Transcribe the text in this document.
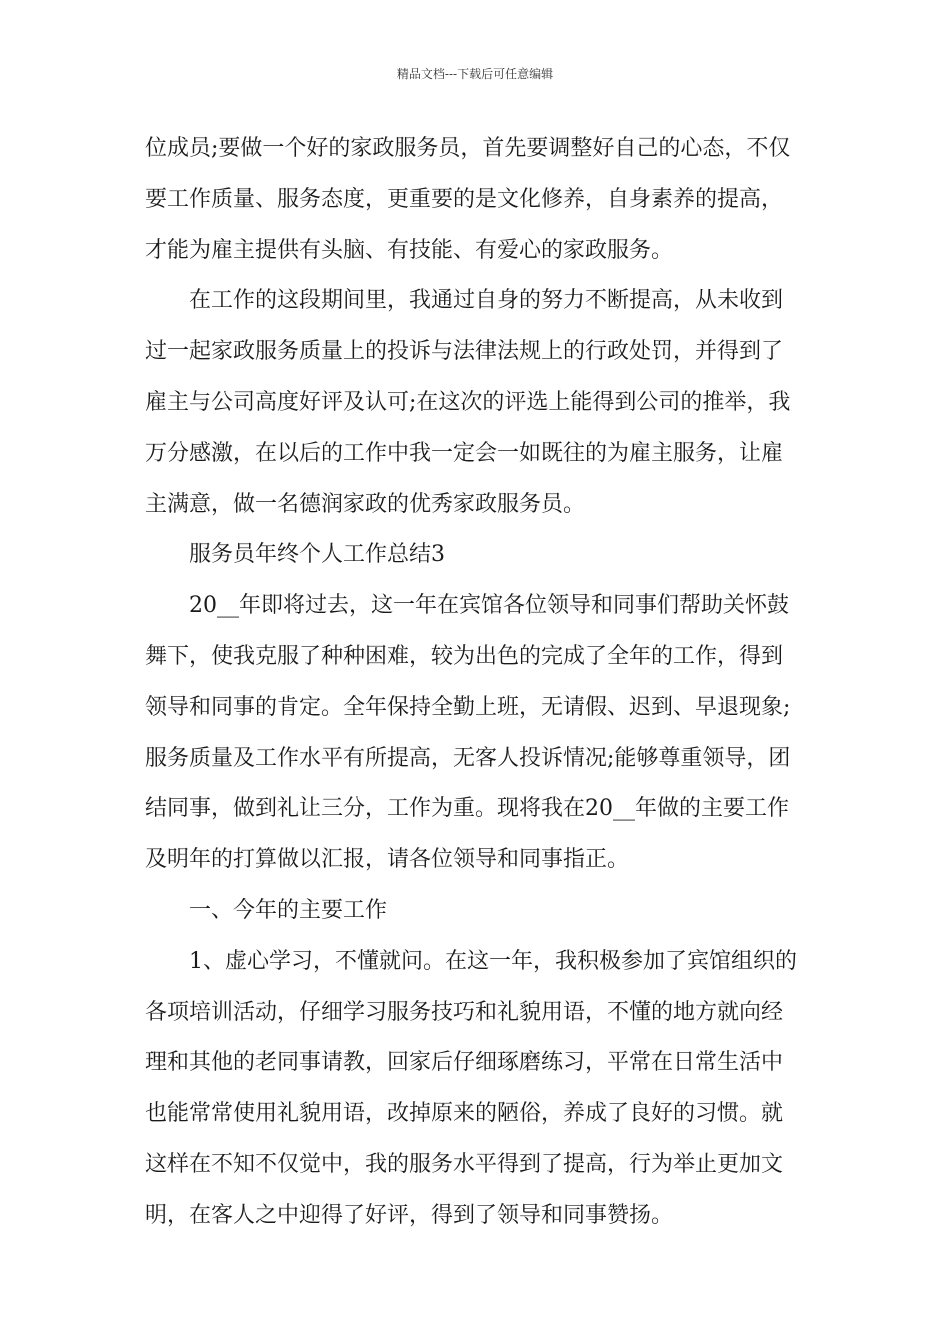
精品文档---下载后可任意编辑
位成员;要做一个好的家政服务员，首先要调整好自己的心态，不仅
要工作质量、服务态度，更重要的是文化修养，自身素养的提高，
才能为雇主提供有头脑、有技能、有爱心的家政服务。
在工作的这段期间里，我通过自身的努力不断提高，从未收到
过一起家政服务质量上的投诉与法律法规上的行政处罚，并得到了
雇主与公司高度好评及认可;在这次的评选上能得到公司的推举，我
万分感激，在以后的工作中我一定会一如既往的为雇主服务，让雇
主满意，做一名德润家政的优秀家政服务员。
服务员年终个人工作总结3
20__年即将过去，这一年在宾馆各位领导和同事们帮助关怀鼓
舞下，使我克服了种种困难，较为出色的完成了全年的工作，得到
领导和同事的肯定。全年保持全勤上班，无请假、迟到、早退现象;
服务质量及工作水平有所提高，无客人投诉情况;能够尊重领导，团
结同事，做到礼让三分，工作为重。现将我在20__年做的主要工作
及明年的打算做以汇报，请各位领导和同事指正。
一、今年的主要工作
1、虚心学习，不懂就问。在这一年，我积极参加了宾馆组织的
各项培训活动，仔细学习服务技巧和礼貌用语，不懂的地方就向经
理和其他的老同事请教，回家后仔细琢磨练习，平常在日常生活中
也能常常使用礼貌用语，改掉原来的陋俗，养成了良好的习惯。就
这样在不知不仅觉中，我的服务水平得到了提高，行为举止更加文
明，在客人之中迎得了好评，得到了领导和同事赞扬。
